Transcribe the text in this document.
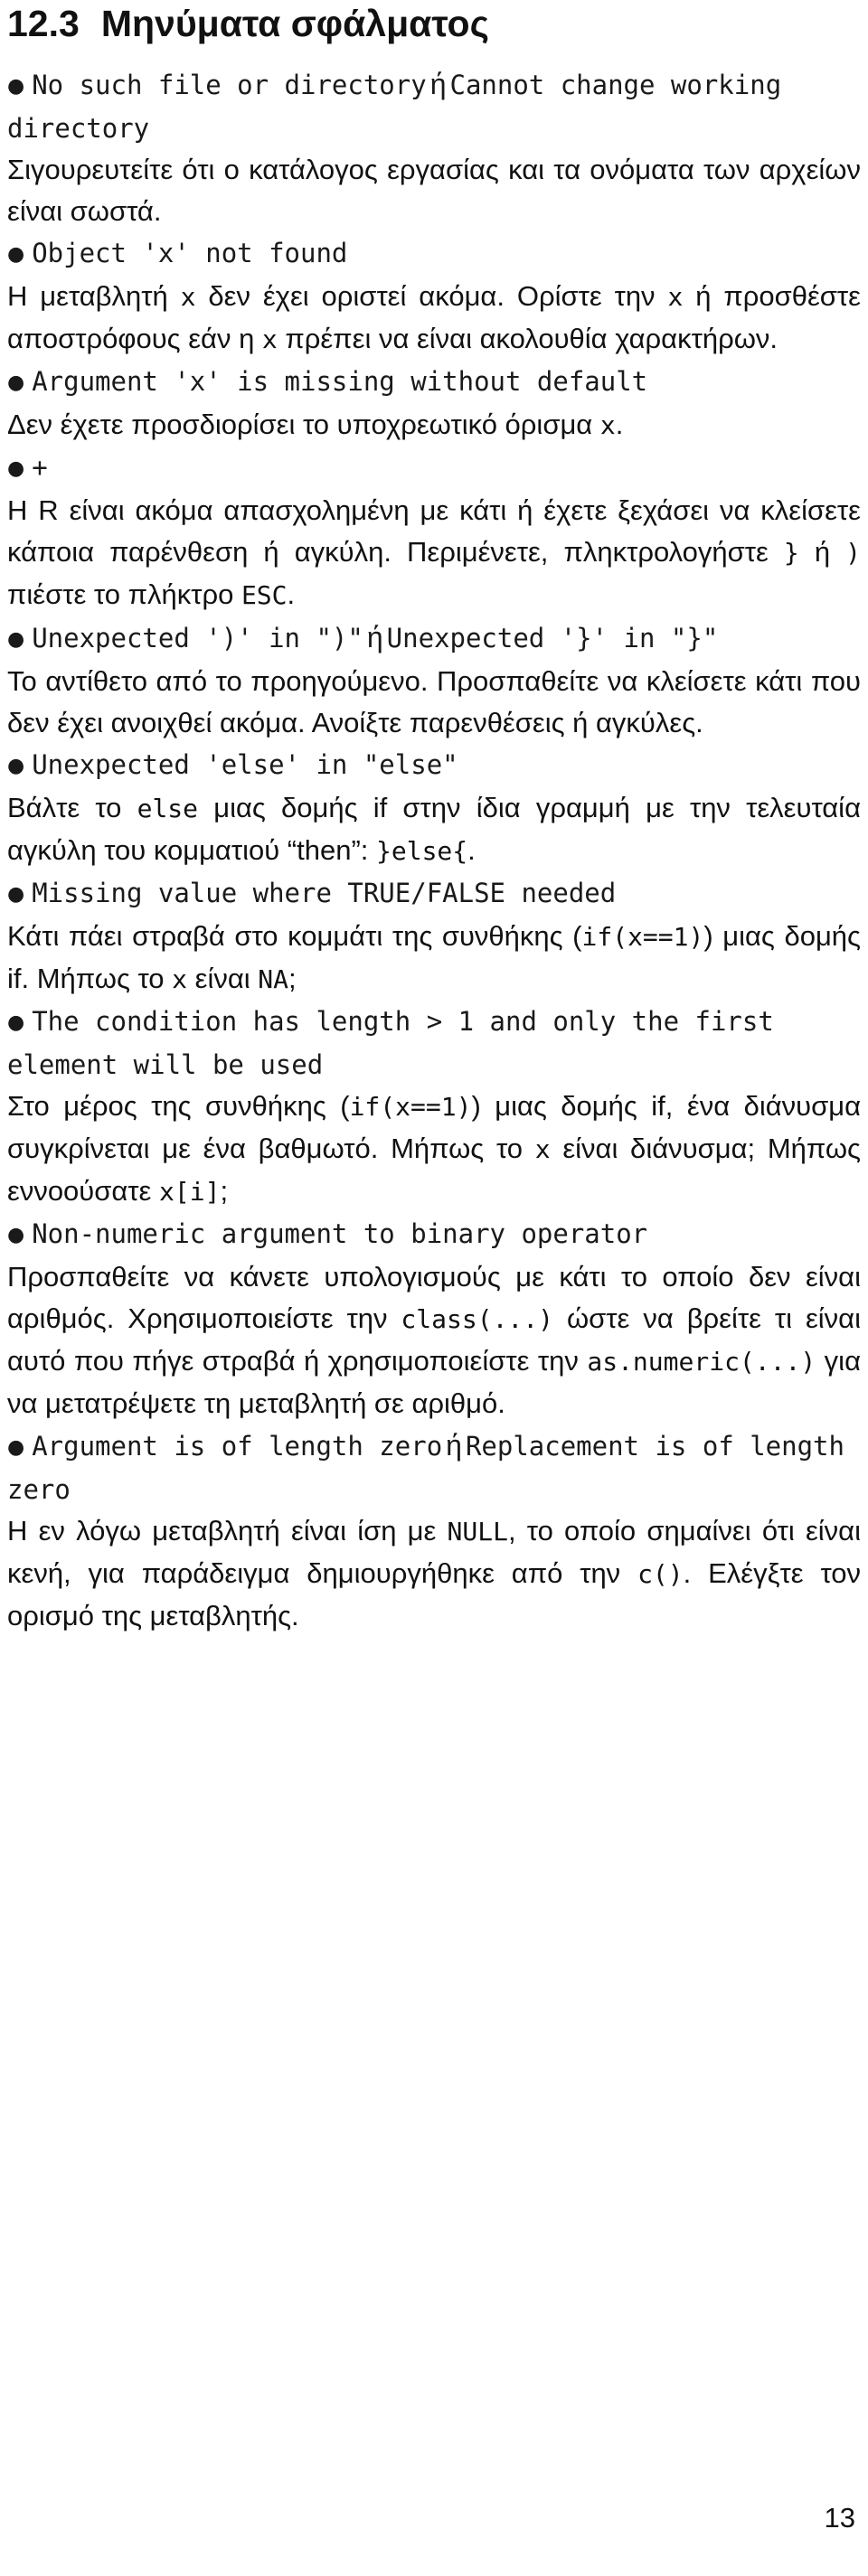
12.3 Μηνύματα σφάλματος
● No such file or directory ή Cannot change working directory

Σιγουρευτείτε ότι ο κατάλογος εργασίας και τα ονόματα των αρχείων είναι σωστά.

● Object 'x' not found

Η μεταβλητή x δεν έχει οριστεί ακόμα. Ορίστε την x ή προσθέστε αποστρόφους εάν η x πρέπει να είναι ακολουθία χαρακτήρων.

● Argument 'x' is missing without default

Δεν έχετε προσδιορίσει το υποχρεωτικό όρισμα x.

● +

Η R είναι ακόμα απασχολημένη με κάτι ή έχετε ξεχάσει να κλείσετε κάποια παρένθεση ή αγκύλη. Περιμένετε, πληκτρολογήστε } ή ) πιέστε το πλήκτρο ESC.

● Unexpected ')' in ")" ή Unexpected '}' in "}"

Το αντίθετο από το προηγούμενο. Προσπαθείτε να κλείσετε κάτι που δεν έχει ανοιχθεί ακόμα. Ανοίξτε παρενθέσεις ή αγκύλες.

● Unexpected 'else' in "else"

Βάλτε το else μιας δομής if στην ίδια γραμμή με την τελευταία αγκύλη του κομματιού “then”: }else{.

● Missing value where TRUE/FALSE needed

Κάτι πάει στραβά στο κομμάτι της συνθήκης (if(x==1)) μιας δομής if. Μήπως το x είναι NA;

● The condition has length > 1 and only the first element will be used

Στο μέρος της συνθήκης (if(x==1)) μιας δομής if, ένα διάνυσμα συγκρίνεται με ένα βαθμωτό. Μήπως το x είναι διάνυσμα; Μήπως εννοούσατε x[i];

● Non-numeric argument to binary operator

Προσπαθείτε να κάνετε υπολογισμούς με κάτι το οποίο δεν είναι αριθμός. Χρησιμοποιείστε την class(...) ώστε να βρείτε τι είναι αυτό που πήγε στραβά ή χρησιμοποιείστε την as.numeric(...) για να μετατρέψετε τη μεταβλητή σε αριθμό.

● Argument is of length zero ή Replacement is of length zero

Η εν λόγω μεταβλητή είναι ίση με NULL, το οποίο σημαίνει ότι είναι κενή, για παράδειγμα δημιουργήθηκε από την c(). Ελέγξτε τον ορισμό της μεταβλητής.

13
